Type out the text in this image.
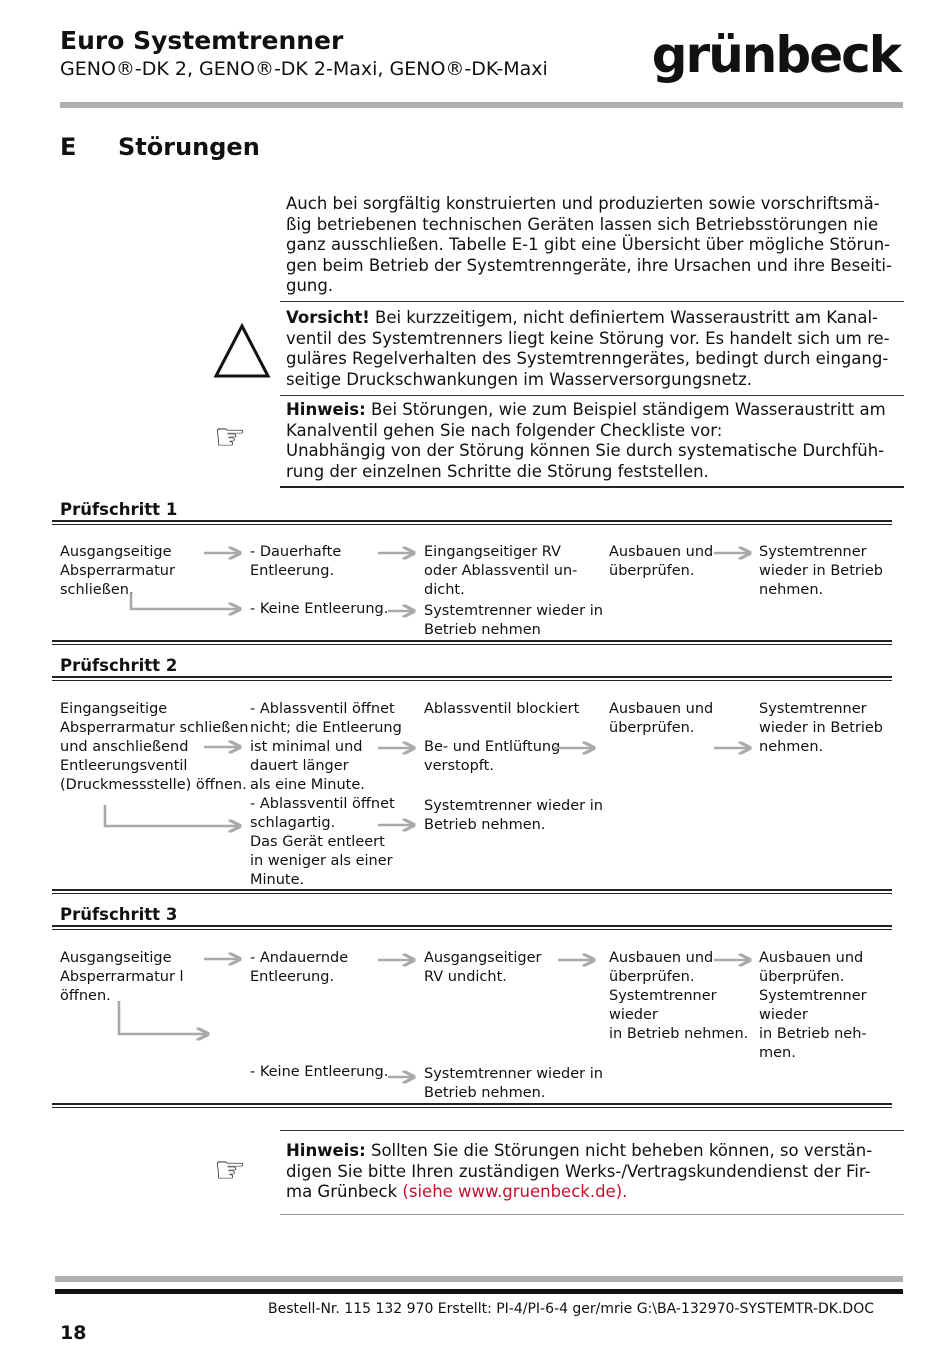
Euro Systemtrenner
GENO®-DK 2, GENO®-DK 2-Maxi, GENO®-DK-Maxi grünbeck
E Störungen
Auch bei sorgfältig konstruierten und produzierten sowie vorschriftsmä-ßig betriebenen technischen Geräten lassen sich Betriebsstörungen nie ganz ausschließen. Tabelle E-1 gibt eine Übersicht über mögliche Störun-gen beim Betrieb der Systemtrenngeräte, ihre Ursachen und ihre Beseiti-gung.
Vorsicht! Bei kurzzeitigem, nicht definiertem Wasseraustritt am Kanal-ventil des Systemtrenners liegt keine Störung vor. Es handelt sich um re-guläres Regelverhalten des Systemtrenngerätes, bedingt durch eingang-seitige Druckschwankungen im Wasserversorgungsnetz.
☞
Hinweis: Bei Störungen, wie zum Beispiel ständigem Wasseraustritt am Kanalventil gehen Sie nach folgender Checkliste vor:
Unabhängig von der Störung können Sie durch systematische Durchfüh-rung der einzelnen Schritte die Störung feststellen.
Prüfschritt 1
Ausgangseitige
Absperrarmatur
schließen.
- Dauerhafte
Entleerung.
- Keine Entleerung.
Eingangseitiger RV
oder Ablassventil un-
dicht.
Systemtrenner wieder in
Betrieb nehmen
Ausbauen und
überprüfen.
Systemtrenner
wieder in Betrieb
nehmen.
Prüfschritt 2
Eingangseitige
Absperrarmatur schließen
und anschließend
Entleerungsventil
(Druckmessstelle) öffnen.
- Ablassventil öffnet
nicht; die Entleerung
ist minimal und
dauert länger
als eine Minute.
- Ablassventil öffnet
schlagartig.
Das Gerät entleert
in weniger als einer
Minute.
Ablassventil blockiert
Be- und Entlüftung
verstopft.
Systemtrenner wieder in
Betrieb nehmen.
Ausbauen und
überprüfen.
Systemtrenner
wieder in Betrieb
nehmen.
Prüfschritt 3
Ausgangseitige
Absperrarmatur l
öffnen.
- Andauernde
Entleerung.
- Keine Entleerung.
Ausgangseitiger
RV undicht.
Systemtrenner wieder in
Betrieb nehmen.
Ausbauen und
überprüfen.
Systemtrenner
wieder
in Betrieb nehmen.
Ausbauen und
überprüfen.
Systemtrenner
wieder
in Betrieb neh-
men.
☞ Hinweis: Sollten Sie die Störungen nicht beheben können, so verstän-digen Sie bitte Ihren zuständigen Werks-/Vertragskundendienst der Fir-ma Grünbeck (siehe www.gruenbeck.de).
Bestell-Nr. 115 132 970 Erstellt: PI-4/PI-6-4 ger/mrie G:\BA-132970-SYSTEMTR-DK.DOC
18
